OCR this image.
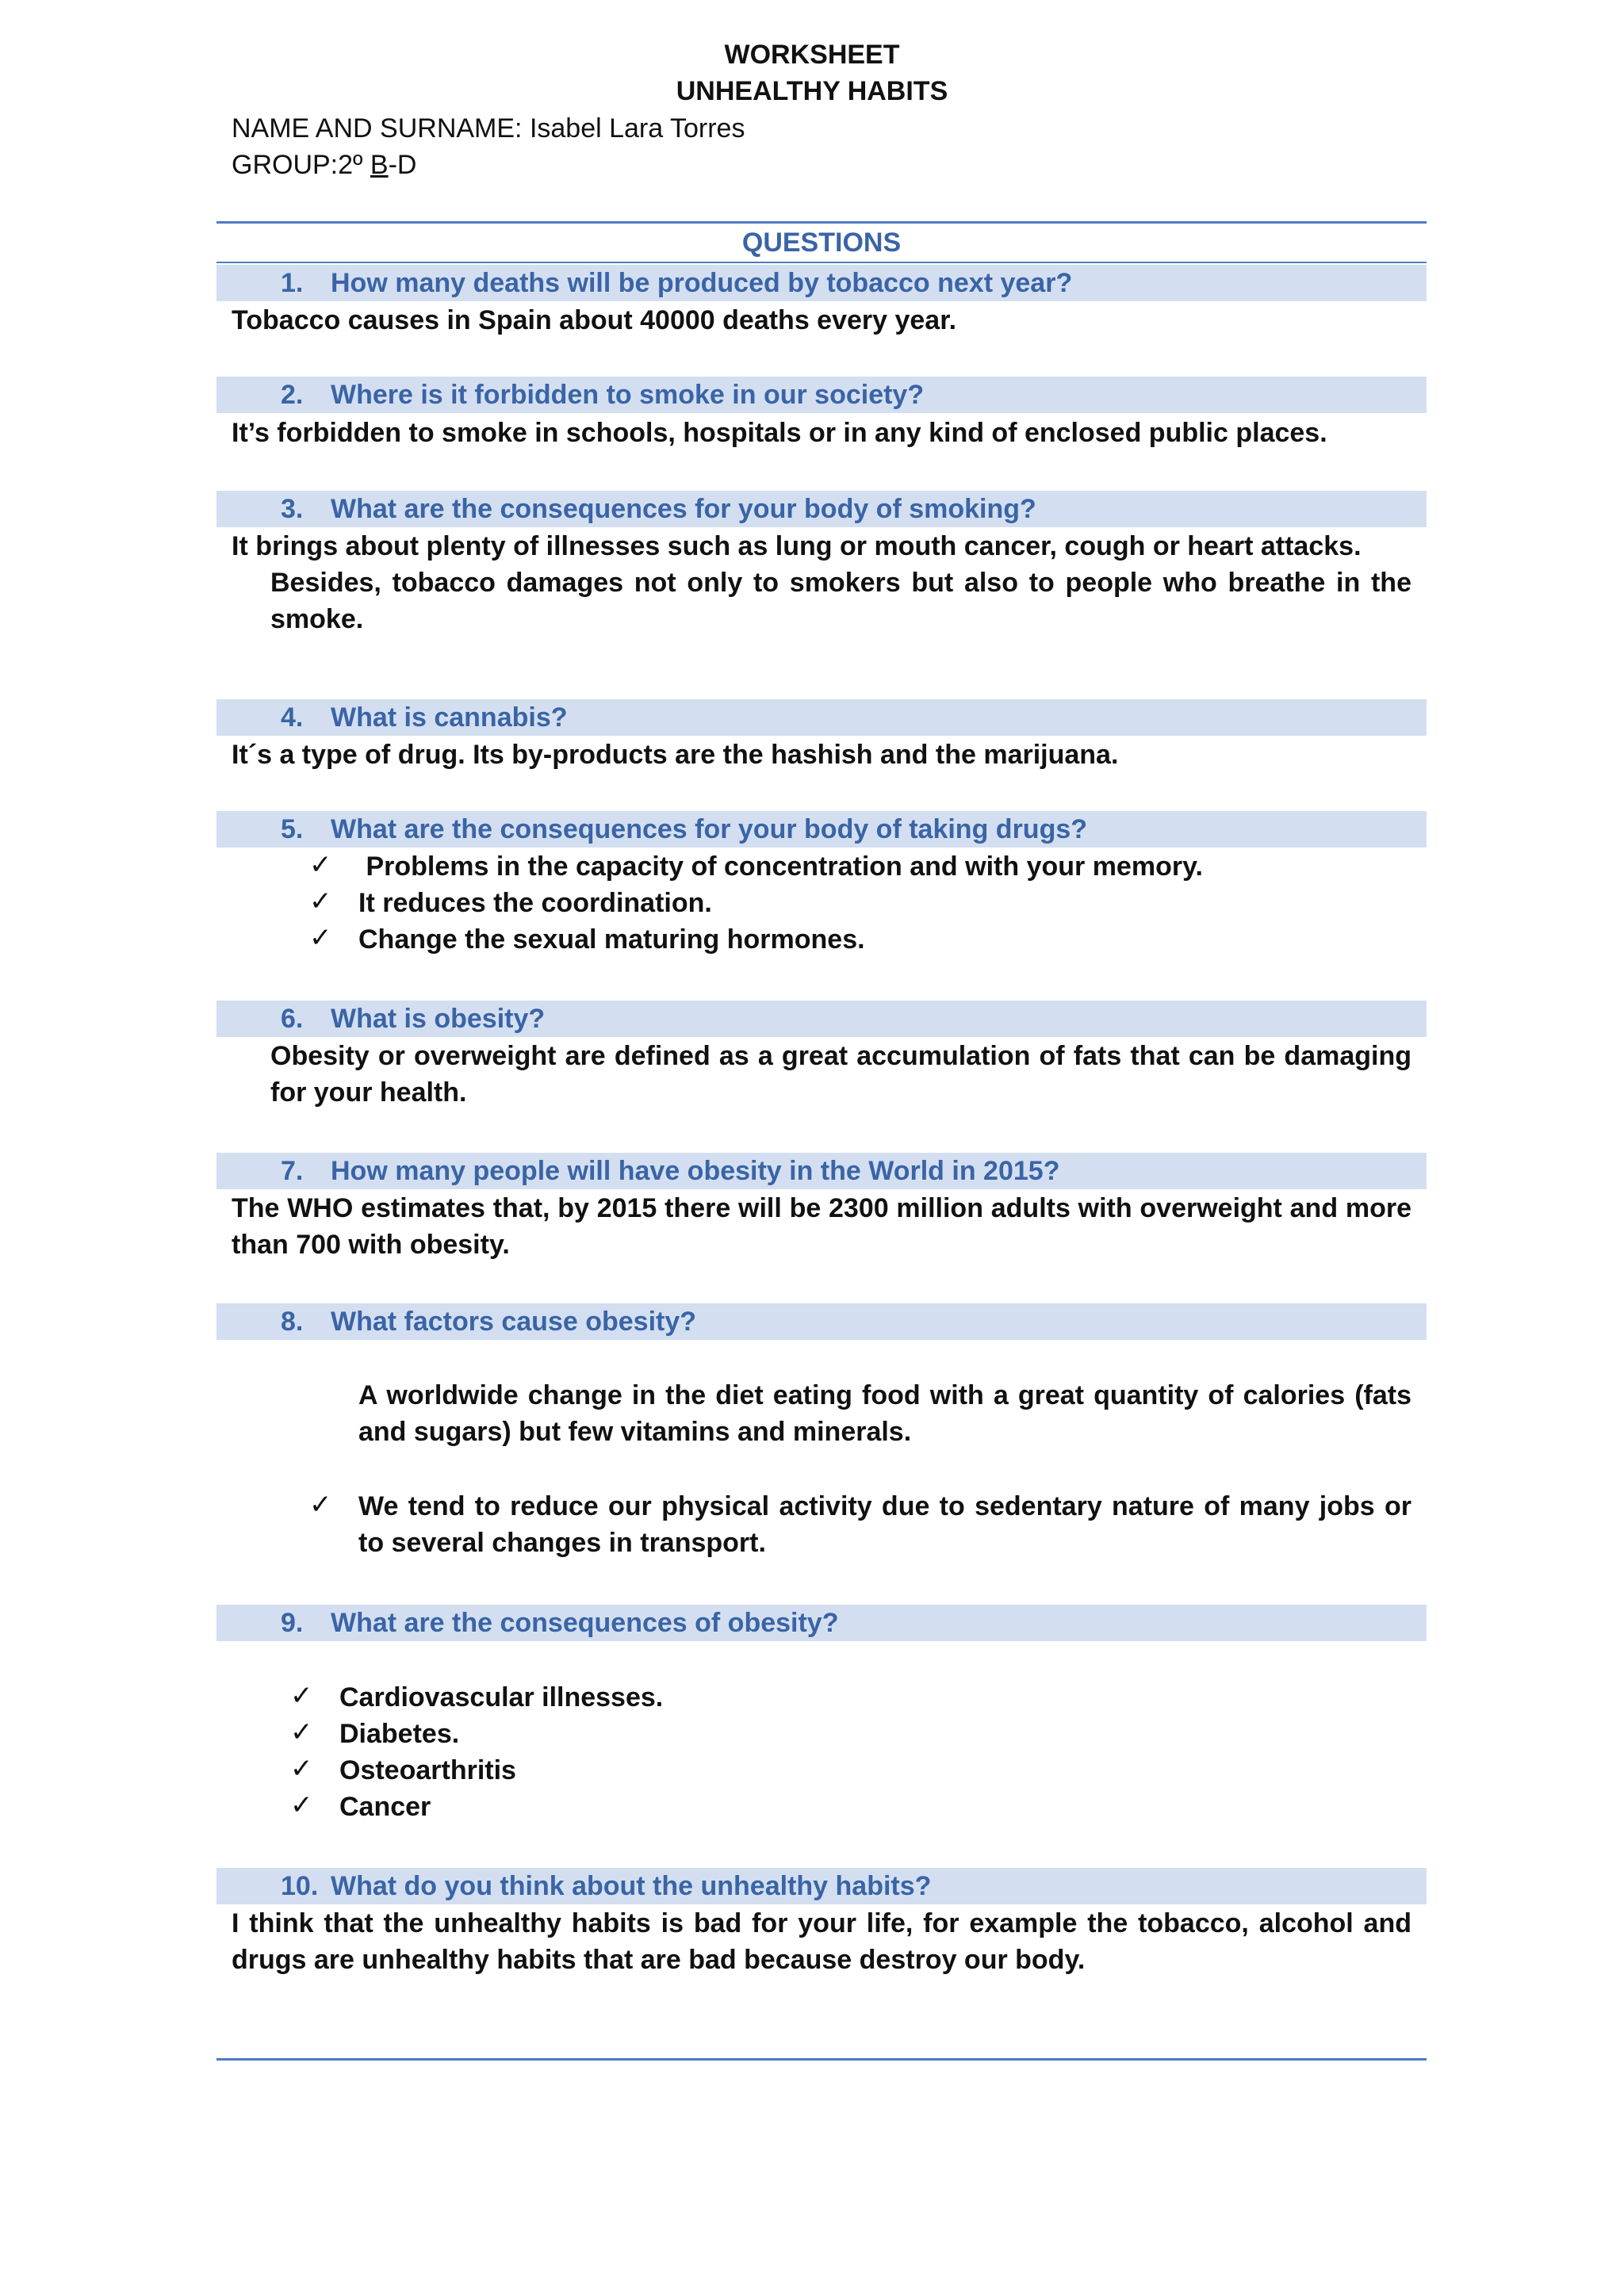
WORKSHEET
UNHEALTHY HABITS
NAME AND SURNAME: Isabel Lara Torres
GROUP:2º B-D
QUESTIONS
1. How many deaths will be produced by tobacco next year?
Tobacco causes in Spain about 40000 deaths every year.
2. Where is it forbidden to smoke in our society?
It’s forbidden to smoke in schools, hospitals or in any kind of enclosed public places.
3. What are the consequences for your body of smoking?
It brings about plenty of illnesses such as lung or mouth cancer, cough or heart attacks.
Besides, tobacco damages not only to smokers but also to people who breathe in the smoke.
4. What is cannabis?
It´s a type of drug. Its by-products are the hashish and the marijuana.
5. What are the consequences for your body of taking drugs?
✓ Problems in the capacity of concentration and with your memory.
✓ It reduces the coordination.
✓ Change the sexual maturing hormones.
6. What is obesity?
Obesity or overweight are defined as a great accumulation of fats that can be damaging for your health.
7. How many people will have obesity in the World in 2015?
The WHO estimates that, by 2015 there will be 2300 million adults with overweight and more than 700 with obesity.
8. What factors cause obesity?
A worldwide change in the diet eating food with a great quantity of calories (fats and sugars) but few vitamins and minerals.
✓ We tend to reduce our physical activity due to sedentary nature of many jobs or to several changes in transport.
9. What are the consequences of obesity?
✓ Cardiovascular illnesses.
✓ Diabetes.
✓ Osteoarthritis
✓ Cancer
10. What do you think about the unhealthy habits?
I think that the unhealthy habits is bad for your life, for example the tobacco, alcohol and drugs are unhealthy habits that are bad because destroy our body.
